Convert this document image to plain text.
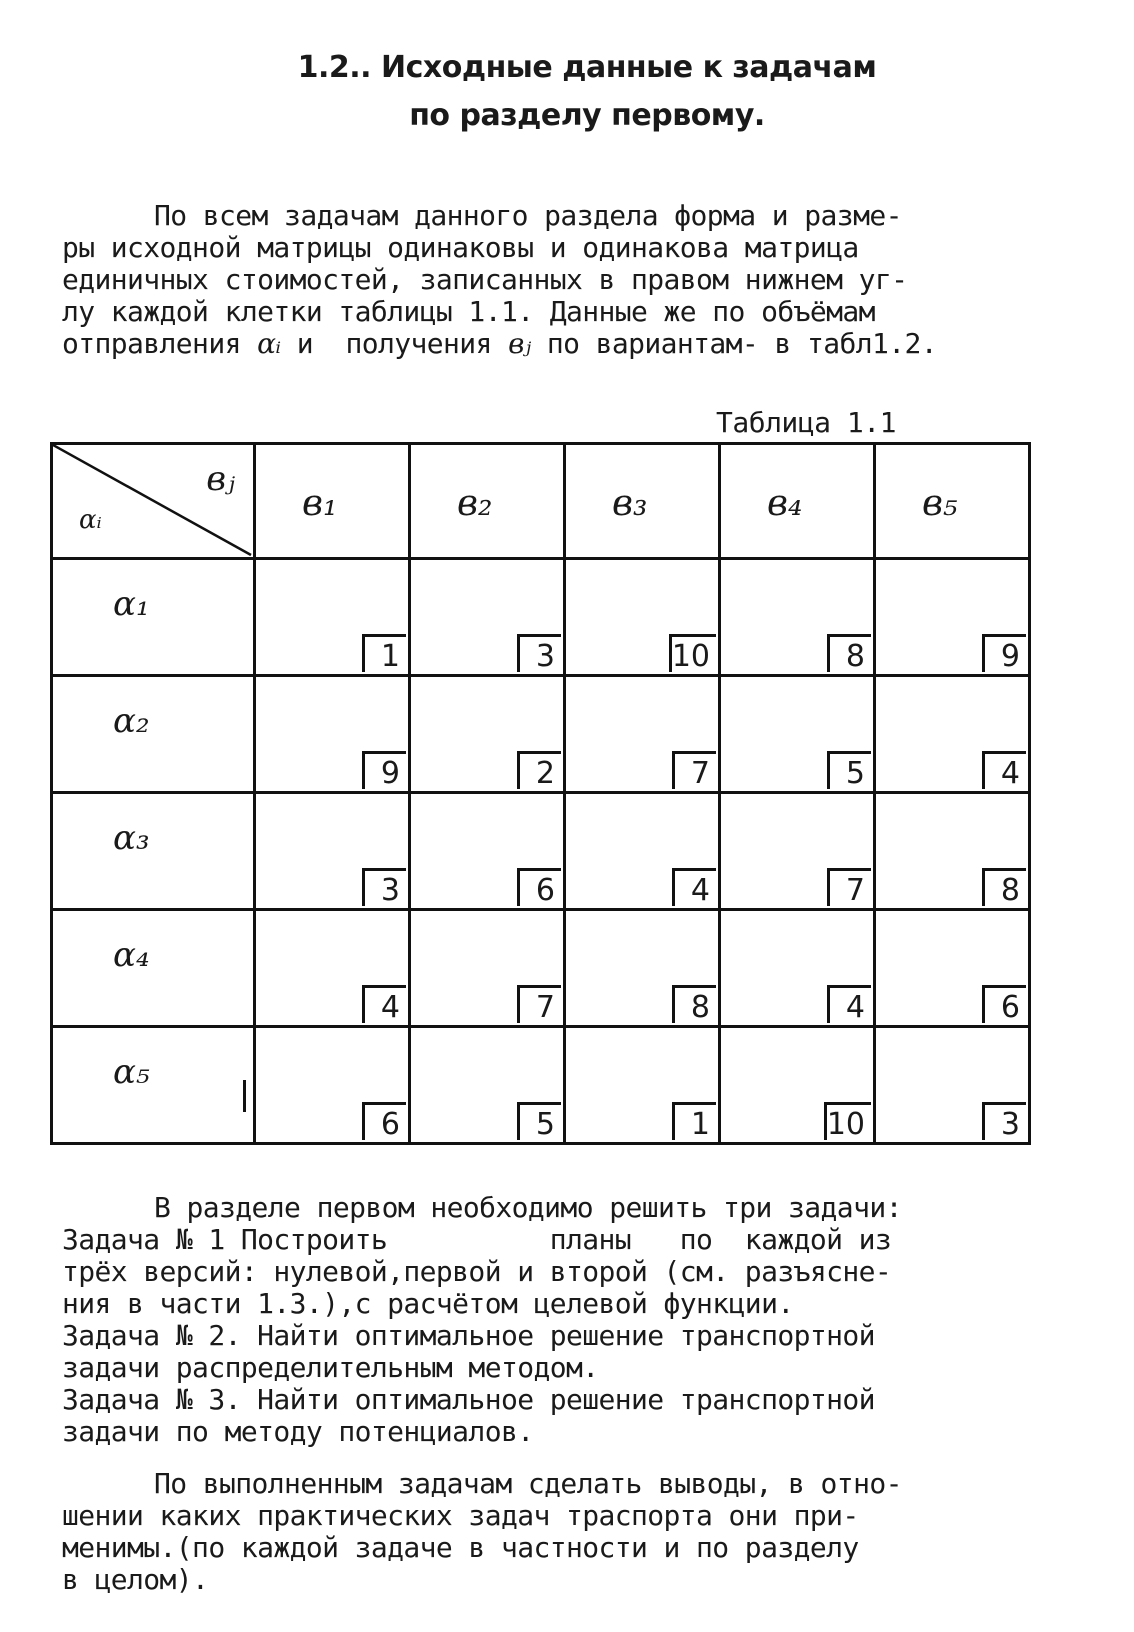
1.2.. Исходные данные к задачам
по разделу первому.
По всем задачам данного раздела форма и разме-
ры исходной матрицы одинаковы и одинакова матрица
единичных стоимостей, записанных в правом нижнем уг-
лу каждой клетки таблицы 1.1. Данные же по объёмам
отправления αᵢ и  получения вⱼ по вариантам- в табл1.2.
Таблица 1.1
вⱼ
αᵢ	в₁	в₂	в₃	в₄	в₅

α₁	1	3	10	8	9

α₂	9	2	7	5	4

α₃	3	6	4	7	8

α₄	4	7	8	4	6

α₅	6	5	1	10	3
В разделе первом необходимо решить три задачи:
Задача № 1 Построить          планы   по  каждой из
трёх версий: нулевой,первой и второй (см. разъясне-
ния в части 1.3.),с расчётом целевой функции.
Задача № 2. Найти оптимальное решение транспортной
задачи распределительным методом.
Задача № 3. Найти оптимальное решение транспортной
задачи по методу потенциалов.
По выполненным задачам сделать выводы, в отно-
шении каких практических задач траспорта они при-
менимы.(по каждой задаче в частности и по разделу
в целом).
